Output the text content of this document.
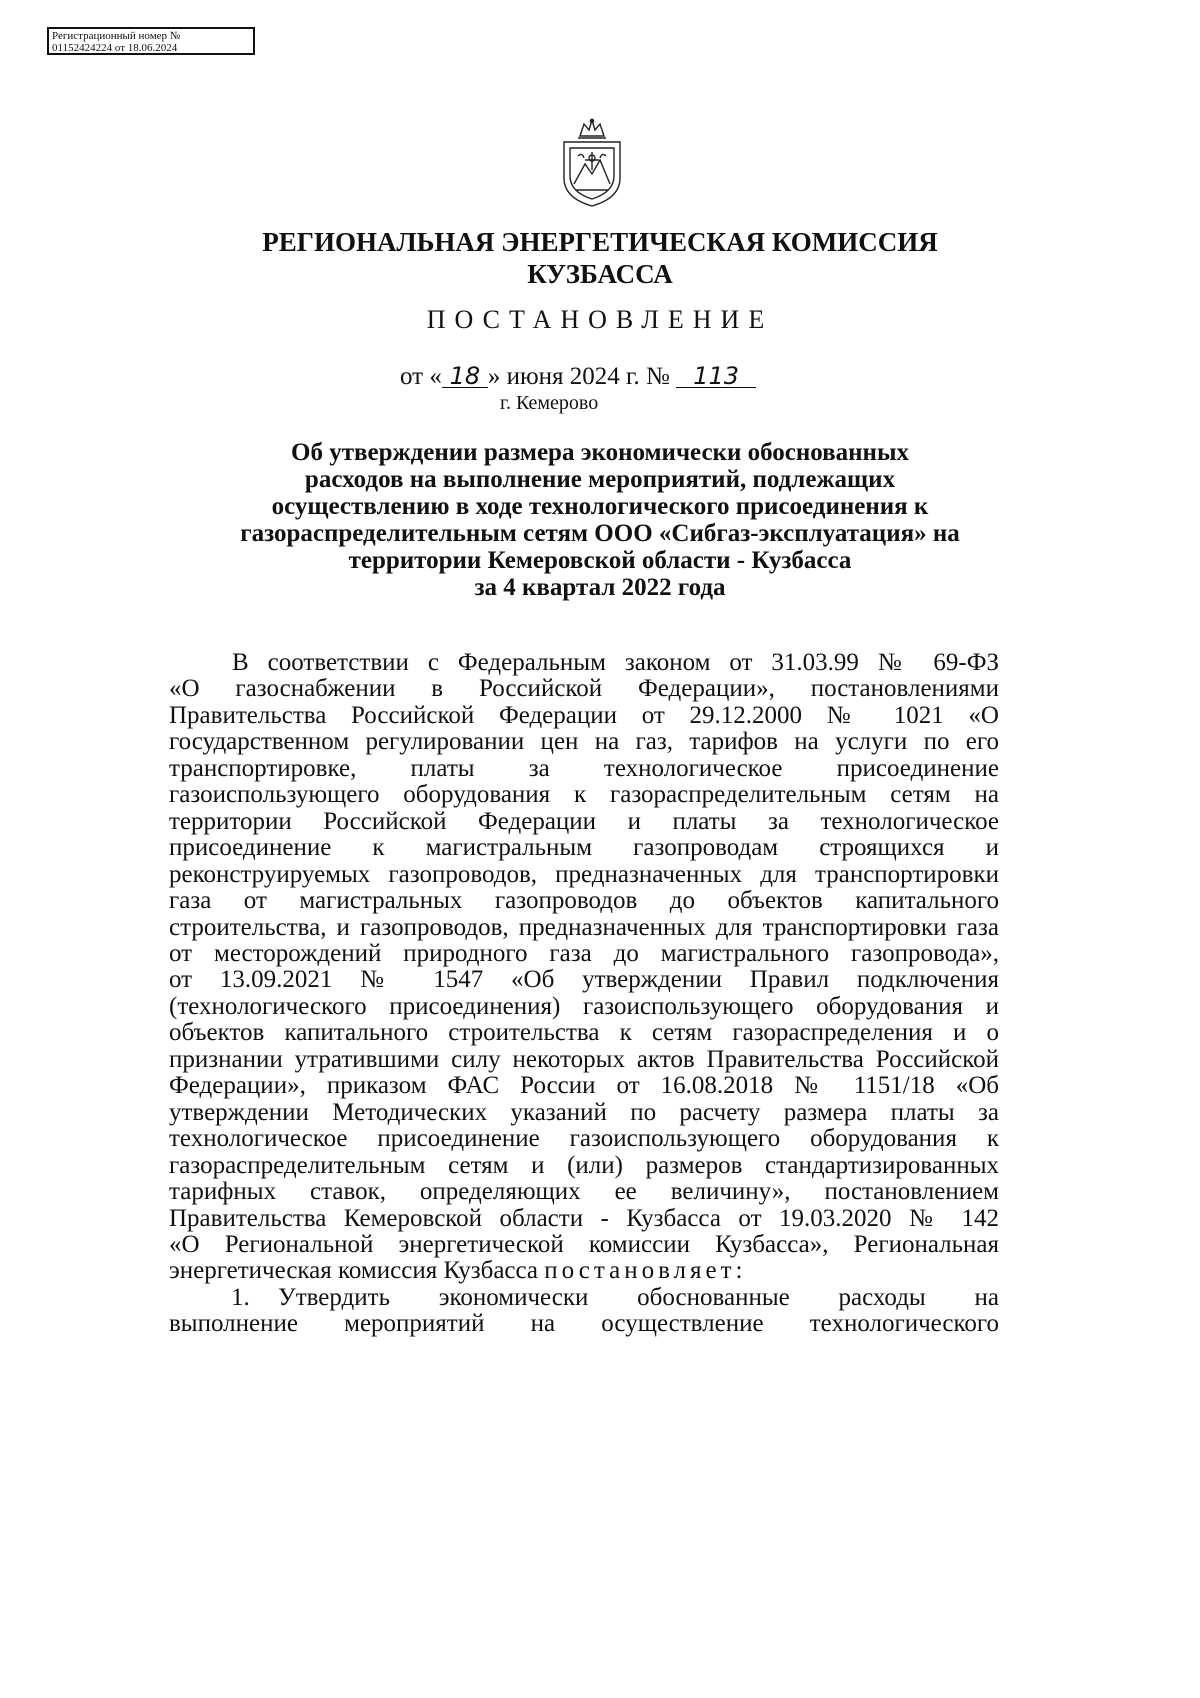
Регистрационный номер №
01152424224 от 18.06.2024
РЕГИОНАЛЬНАЯ ЭНЕРГЕТИЧЕСКАЯ КОМИССИЯ
КУЗБАССА
ПОСТАНОВЛЕНИЕ
от « 18 » июня 2024 г. № 113
г. Кемерово
Об утверждении размера экономически обоснованных
расходов на выполнение мероприятий, подлежащих
осуществлению в ходе технологического присоединения к
газораспределительным сетям ООО «Сибгаз-эксплуатация» на
территории Кемеровской области - Кузбасса
за 4 квартал 2022 года
В соответствии с Федеральным законом от 31.03.99 № 69-ФЗ
«О газоснабжении в Российской Федерации», постановлениями
Правительства Российской Федерации от 29.12.2000 № 1021 «О
государственном регулировании цен на газ, тарифов на услуги по его
транспортировке, платы за технологическое присоединение
газоиспользующего оборудования к газораспределительным сетям на
территории Российской Федерации и платы за технологическое
присоединение к магистральным газопроводам строящихся и
реконструируемых газопроводов, предназначенных для транспортировки
газа от магистральных газопроводов до объектов капитального
строительства, и газопроводов, предназначенных для транспортировки газа
от месторождений природного газа до магистрального газопровода»,
от 13.09.2021 № 1547 «Об утверждении Правил подключения
(технологического присоединения) газоиспользующего оборудования и
объектов капитального строительства к сетям газораспределения и о
признании утратившими силу некоторых актов Правительства Российской
Федерации», приказом ФАС России от 16.08.2018 № 1151/18 «Об
утверждении Методических указаний по расчету размера платы за
технологическое присоединение газоиспользующего оборудования к
газораспределительным сетям и (или) размеров стандартизированных
тарифных ставок, определяющих ее величину», постановлением
Правительства Кемеровской области - Кузбасса от 19.03.2020 № 142
«О Региональной энергетической комиссии Кузбасса», Региональная
энергетическая комиссия Кузбасса постановляет:
1. Утвердить экономически обоснованные расходы на
выполнение мероприятий на осуществление технологического
